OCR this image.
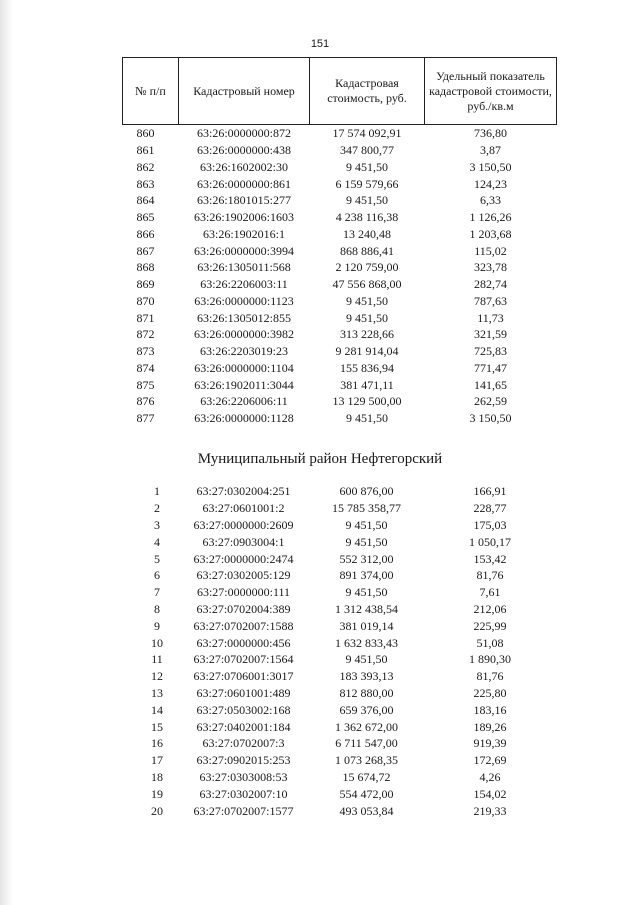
151
№ п/п	Кадастровый номер	Кадастровая стоимость, руб.	Удельный показатель кадастровой стоимости, руб./кв.м
860	63:26:0000000:872	17 574 092,91	736,80
861	63:26:0000000:438	347 800,77	3,87
862	63:26:1602002:30	9 451,50	3 150,50
863	63:26:0000000:861	6 159 579,66	124,23
864	63:26:1801015:277	9 451,50	6,33
865	63:26:1902006:1603	4 238 116,38	1 126,26
866	63:26:1902016:1	13 240,48	1 203,68
867	63:26:0000000:3994	868 886,41	115,02
868	63:26:1305011:568	2 120 759,00	323,78
869	63:26:2206003:11	47 556 868,00	282,74
870	63:26:0000000:1123	9 451,50	787,63
871	63:26:1305012:855	9 451,50	11,73
872	63:26:0000000:3982	313 228,66	321,59
873	63:26:2203019:23	9 281 914,04	725,83
874	63:26:0000000:1104	155 836,94	771,47
875	63:26:1902011:3044	381 471,11	141,65
876	63:26:2206006:11	13 129 500,00	262,59
877	63:26:0000000:1128	9 451,50	3 150,50
Муниципальный район Нефтегорский
1	63:27:0302004:251	600 876,00	166,91
2	63:27:0601001:2	15 785 358,77	228,77
3	63:27:0000000:2609	9 451,50	175,03
4	63:27:0903004:1	9 451,50	1 050,17
5	63:27:0000000:2474	552 312,00	153,42
6	63:27:0302005:129	891 374,00	81,76
7	63:27:0000000:111	9 451,50	7,61
8	63:27:0702004:389	1 312 438,54	212,06
9	63:27:0702007:1588	381 019,14	225,99
10	63:27:0000000:456	1 632 833,43	51,08
11	63:27:0702007:1564	9 451,50	1 890,30
12	63:27:0706001:3017	183 393,13	81,76
13	63:27:0601001:489	812 880,00	225,80
14	63:27:0503002:168	659 376,00	183,16
15	63:27:0402001:184	1 362 672,00	189,26
16	63:27:0702007:3	6 711 547,00	919,39
17	63:27:0902015:253	1 073 268,35	172,69
18	63:27:0303008:53	15 674,72	4,26
19	63:27:0302007:10	554 472,00	154,02
20	63:27:0702007:1577	493 053,84	219,33
